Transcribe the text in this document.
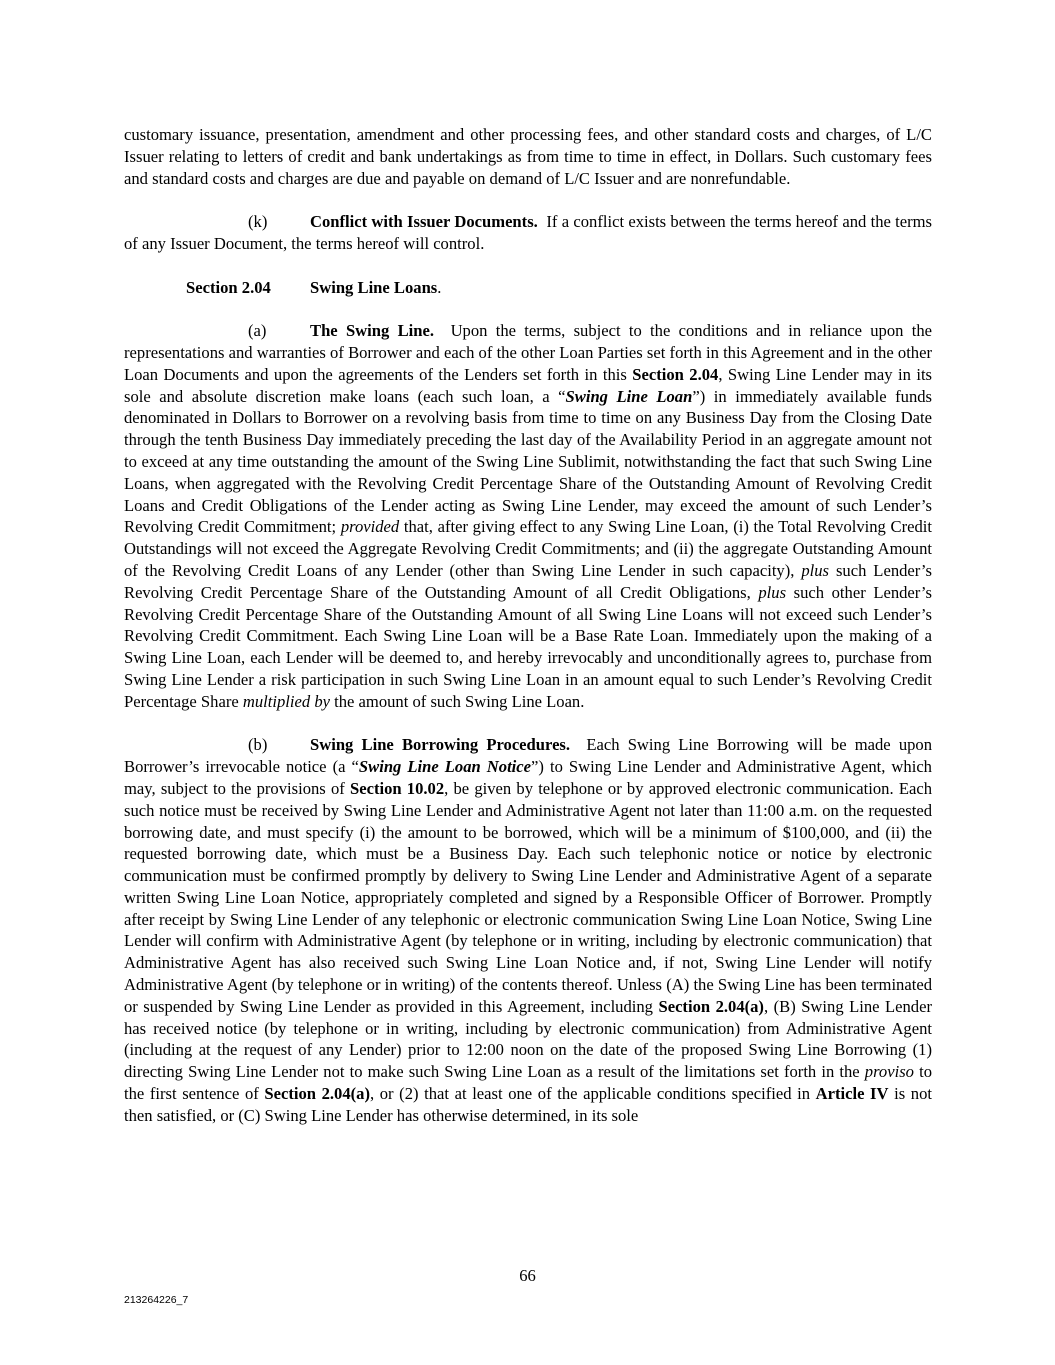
customary issuance, presentation, amendment and other processing fees, and other standard costs and charges, of L/C Issuer relating to letters of credit and bank undertakings as from time to time in effect, in Dollars. Such customary fees and standard costs and charges are due and payable on demand of L/C Issuer and are nonrefundable.

(k)	Conflict with Issuer Documents. If a conflict exists between the terms hereof and the terms of any Issuer Document, the terms hereof will control.

Section 2.04 Swing Line Loans.

(a)	The Swing Line. Upon the terms, subject to the conditions and in reliance upon the representations and warranties of Borrower and each of the other Loan Parties set forth in this Agreement and in the other Loan Documents and upon the agreements of the Lenders set forth in this Section 2.04, Swing Line Lender may in its sole and absolute discretion make loans (each such loan, a “Swing Line Loan”) in immediately available funds denominated in Dollars to Borrower on a revolving basis from time to time on any Business Day from the Closing Date through the tenth Business Day immediately preceding the last day of the Availability Period in an aggregate amount not to exceed at any time outstanding the amount of the Swing Line Sublimit, notwithstanding the fact that such Swing Line Loans, when aggregated with the Revolving Credit Percentage Share of the Outstanding Amount of Revolving Credit Loans and Credit Obligations of the Lender acting as Swing Line Lender, may exceed the amount of such Lender’s Revolving Credit Commitment; provided that, after giving effect to any Swing Line Loan, (i) the Total Revolving Credit Outstandings will not exceed the Aggregate Revolving Credit Commitments; and (ii) the aggregate Outstanding Amount of the Revolving Credit Loans of any Lender (other than Swing Line Lender in such capacity), plus such Lender’s Revolving Credit Percentage Share of the Outstanding Amount of all Credit Obligations, plus such other Lender’s Revolving Credit Percentage Share of the Outstanding Amount of all Swing Line Loans will not exceed such Lender’s Revolving Credit Commitment. Each Swing Line Loan will be a Base Rate Loan. Immediately upon the making of a Swing Line Loan, each Lender will be deemed to, and hereby irrevocably and unconditionally agrees to, purchase from Swing Line Lender a risk participation in such Swing Line Loan in an amount equal to such Lender’s Revolving Credit Percentage Share multiplied by the amount of such Swing Line Loan.

(b)	Swing Line Borrowing Procedures. Each Swing Line Borrowing will be made upon Borrower’s irrevocable notice (a “Swing Line Loan Notice”) to Swing Line Lender and Administrative Agent, which may, subject to the provisions of Section 10.02, be given by telephone or by approved electronic communication. Each such notice must be received by Swing Line Lender and Administrative Agent not later than 11:00 a.m. on the requested borrowing date, and must specify (i) the amount to be borrowed, which will be a minimum of $100,000, and (ii) the requested borrowing date, which must be a Business Day. Each such telephonic notice or notice by electronic communication must be confirmed promptly by delivery to Swing Line Lender and Administrative Agent of a separate written Swing Line Loan Notice, appropriately completed and signed by a Responsible Officer of Borrower. Promptly after receipt by Swing Line Lender of any telephonic or electronic communication Swing Line Loan Notice, Swing Line Lender will confirm with Administrative Agent (by telephone or in writing, including by electronic communication) that Administrative Agent has also received such Swing Line Loan Notice and, if not, Swing Line Lender will notify Administrative Agent (by telephone or in writing) of the contents thereof. Unless (A) the Swing Line has been terminated or suspended by Swing Line Lender as provided in this Agreement, including Section 2.04(a), (B) Swing Line Lender has received notice (by telephone or in writing, including by electronic communication) from Administrative Agent (including at the request of any Lender) prior to 12:00 noon on the date of the proposed Swing Line Borrowing (1) directing Swing Line Lender not to make such Swing Line Loan as a result of the limitations set forth in the proviso to the first sentence of Section 2.04(a), or (2) that at least one of the applicable conditions specified in Article IV is not then satisfied, or (C) Swing Line Lender has otherwise determined, in its sole

66
213264226_7
